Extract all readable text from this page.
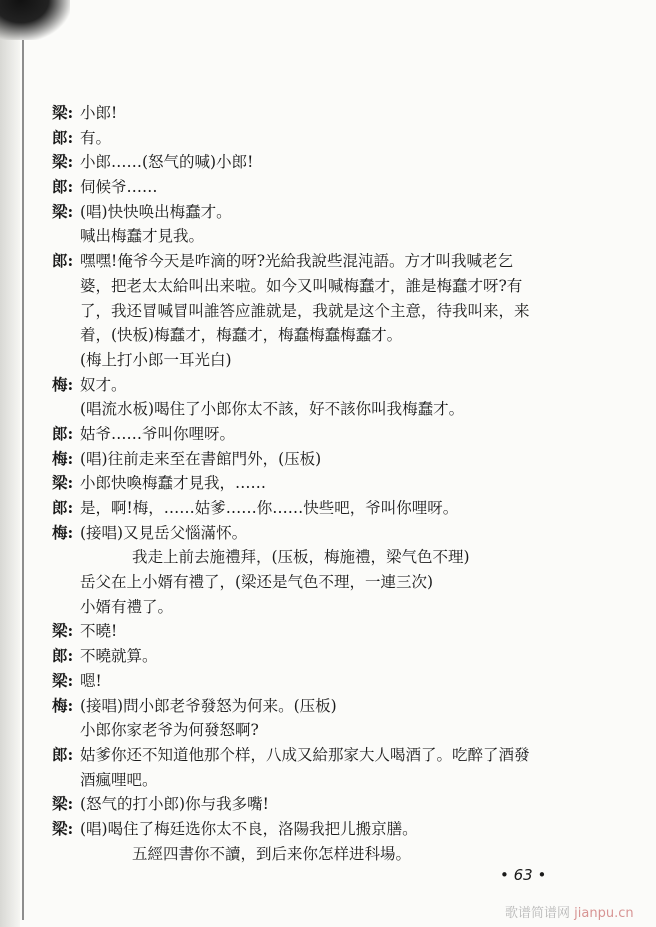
梁: 小郎!
郎: 有。
梁: 小郎……(怒气的喊)小郎!
郎: 伺候爷……
梁: (唱)快快唤出梅蠢才。
喊出梅蠢才見我。
郎: 嘿嘿!俺爷今天是咋滴的呀?光給我說些混沌語。方才叫我喊老乞
婆，把老太太給叫出来啦。如今又叫喊梅蠢才，誰是梅蠢才呀?有
了，我还冒喊冒叫誰答应誰就是，我就是这个主意，待我叫来，来
着，(快板)梅蠢才，梅蠢才，梅蠢梅蠢梅蠢才。
(梅上打小郎一耳光白)
梅: 奴才。
(唱流水板)喝住了小郎你太不該，好不該你叫我梅蠢才。
郎: 姑爷……爷叫你哩呀。
梅: (唱)往前走来至在書館門外，(压板)
梁: 小郎快喚梅蠢才見我，……
郎: 是，啊!梅，……姑爹……你……快些吧，爷叫你哩呀。
梅: (接唱)又見岳父惱滿怀。
我走上前去施禮拜，(压板，梅施禮，梁气色不理)
岳父在上小婿有禮了，(梁还是气色不理，一連三次)
小婿有禮了。
梁: 不曉!
郎: 不曉就算。
梁: 嗯!
梅: (接唱)問小郎老爷發怒为何来。(压板)
小郎你家老爷为何發怒啊?
郎: 姑爹你还不知道他那个样，八成又給那家大人喝酒了。吃醉了酒發
酒瘋哩吧。
梁: (怒气的打小郎)你与我多嘴!
梁: (唱)喝住了梅廷选你太不良，洛陽我把儿搬京膳。
五經四書你不讀，到后来你怎样进科場。
• 63 •
歌谱简谱网 jianpu.cn
